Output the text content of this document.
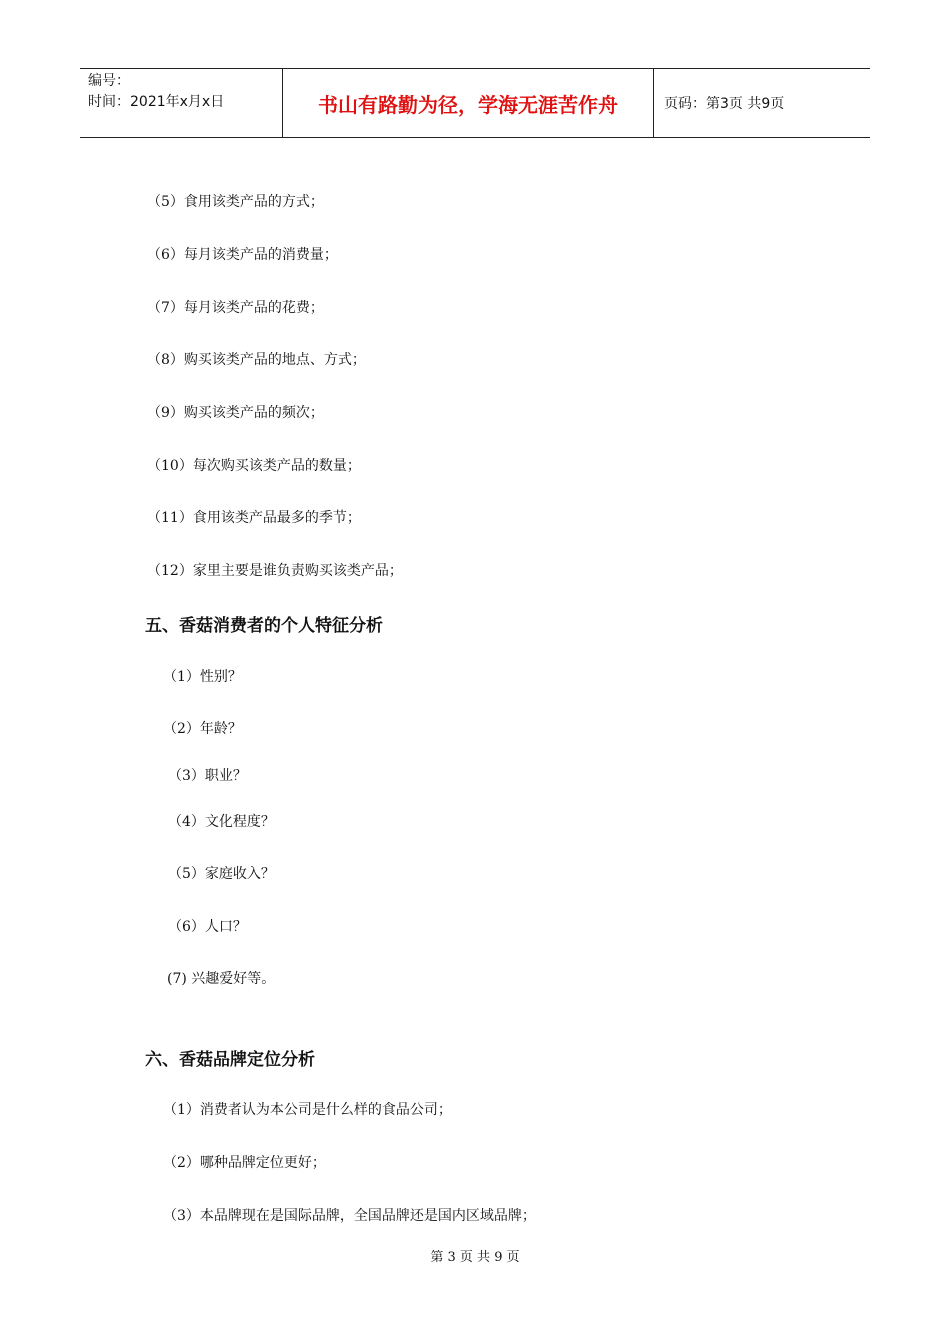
编号：
时间：2021年x月x日	书山有路勤为径，学海无涯苦作舟	页码：第3页 共9页
（5）食用该类产品的方式；
（6）每月该类产品的消费量；
（7）每月该类产品的花费；
（8）购买该类产品的地点、方式；
（9）购买该类产品的频次；
（10）每次购买该类产品的数量；
（11）食用该类产品最多的季节；
（12）家里主要是谁负责购买该类产品；
五、香菇消费者的个人特征分析
（1）性别？
（2）年龄？
（3）职业？
（4）文化程度？
（5）家庭收入？
（6）人口？
(7) 兴趣爱好等。
六、香菇品牌定位分析
（1）消费者认为本公司是什么样的食品公司；
（2）哪种品牌定位更好；
（3）本品牌现在是国际品牌，全国品牌还是国内区域品牌；
第 3 页 共 9 页
